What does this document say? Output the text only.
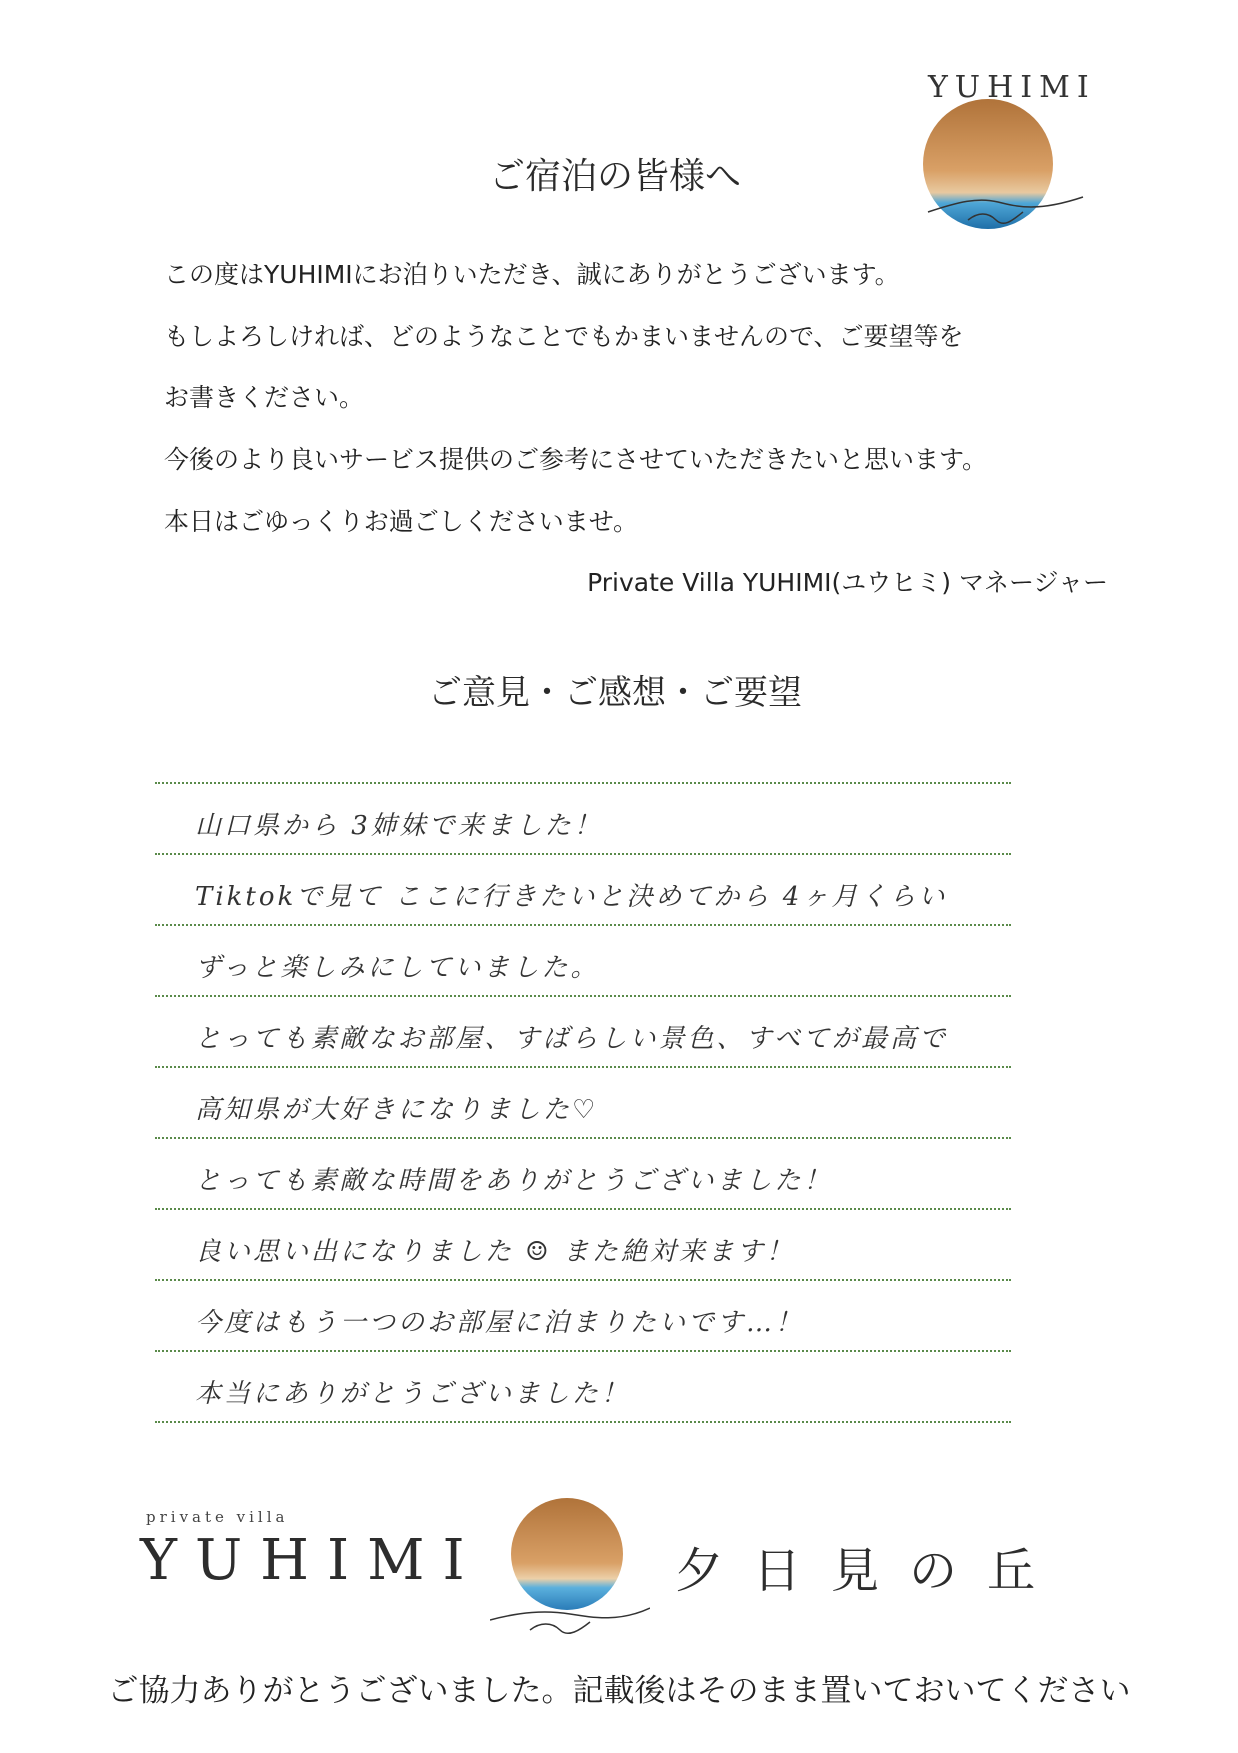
YUHIMI
ご宿泊の皆様へ
この度はYUHIMIにお泊りいただき、誠にありがとうございます。
もしよろしければ、どのようなことでもかまいませんので、ご要望等を
お書きください。
今後のより良いサービス提供のご参考にさせていただきたいと思います。
本日はごゆっくりお過ごしくださいませ。
Private Villa YUHIMI(ユウヒミ) マネージャー
ご意見・ご感想・ご要望
山口県から 3姉妹で来ました！
Tiktokで見て ここに行きたいと決めてから 4ヶ月くらい
ずっと楽しみにしていました。
とっても素敵なお部屋、すばらしい景色、すべてが最高で
高知県が大好きになりました♡
とっても素敵な時間をありがとうございました！
良い思い出になりました ☺ また絶対来ます！
今度はもう一つのお部屋に泊まりたいです…！
本当にありがとうございました！
private villa
YUHIMI	夕日見の丘
ご協力ありがとうございました。記載後はそのまま置いておいてください
